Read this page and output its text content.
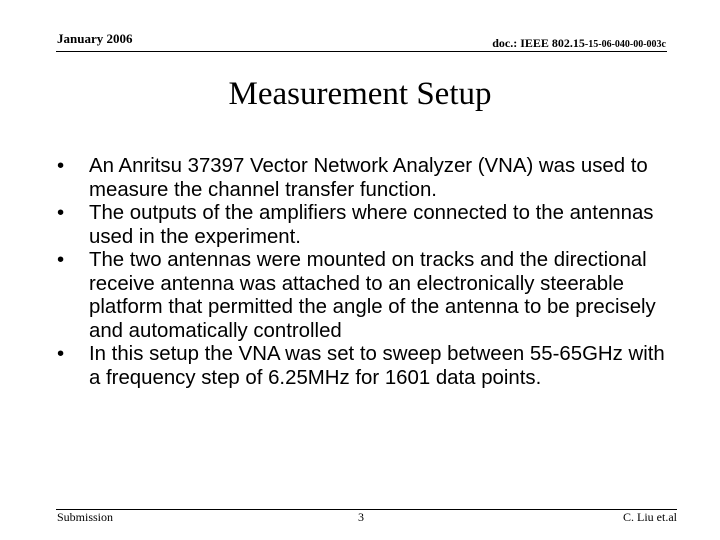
January 2006	doc.: IEEE 802.15-15-06-040-00-003c
Measurement Setup
• An Anritsu 37397 Vector Network Analyzer (VNA) was used to measure the channel transfer function.
• The outputs of the amplifiers where connected to the antennas used in the experiment.
• The two antennas were mounted on tracks and the directional receive antenna was attached to an electronically steerable platform that permitted the angle of the antenna to be precisely and automatically controlled
• In this setup the VNA was set to sweep between 55-65GHz with a frequency step of 6.25MHz for 1601 data points.
Submission	3	C. Liu et.al
